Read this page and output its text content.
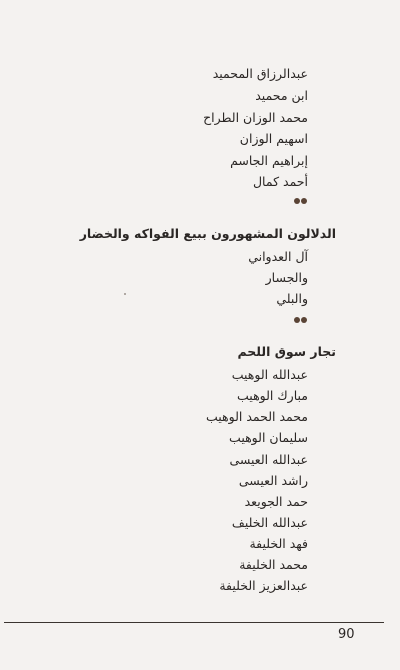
عبدالرزاق المحميد
ابن محميد
محمد الوزان الطراح
اسهيم الوزان
إبراهيم الجاسم
أحمد كمال
الدلالون المشهورون ببيع الفواكه والخضار
آل العدواني
والجسار
والبلي
تجار سوق اللحم
عبدالله الوهيب
مبارك الوهيب
محمد الحمد الوهيب
سليمان الوهيب
عبدالله العيسى
راشد العيسى
حمد الجويعد
عبدالله الخليف
فهد الخليفة
محمد الخليفة
عبدالعزيز الخليفة
90
